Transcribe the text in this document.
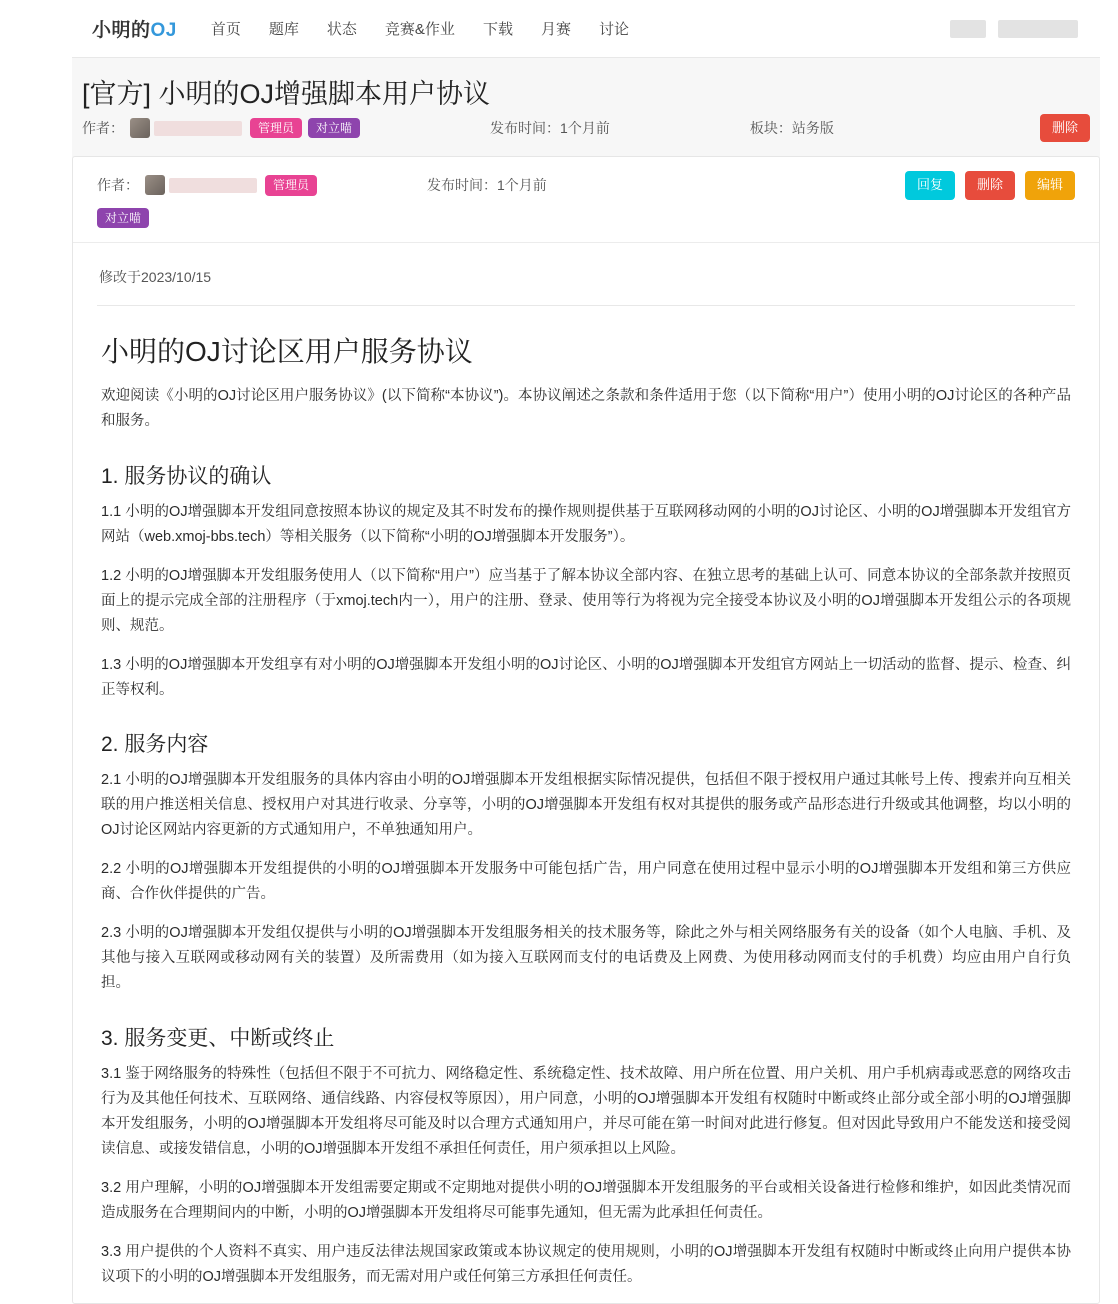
小明的OJ 首页 题库 状态 竞赛&作业 下载 月赛 讨论
[官方] 小明的OJ增强脚本用户协议
作者：	管理员	对立喵	发布时间：1个月前	板块：站务版	删除
作者：	管理员	发布时间：1个月前	回复	删除	编辑
对立喵
修改于2023/10/15
小明的OJ讨论区用户服务协议

欢迎阅读《小明的OJ讨论区用户服务协议》(以下简称“本协议”)。本协议阐述之条款和条件适用于您（以下简称“用户”）使用小明的OJ讨论区的各种产品和服务。

1. 服务协议的确认

1.1 小明的OJ增强脚本开发组同意按照本协议的规定及其不时发布的操作规则提供基于互联网移动网的小明的OJ讨论区、小明的OJ增强脚本开发组官方网站（web.xmoj-bbs.tech）等相关服务（以下简称“小明的OJ增强脚本开发服务”）。

1.2 小明的OJ增强脚本开发组服务使用人（以下简称“用户”）应当基于了解本协议全部内容、在独立思考的基础上认可、同意本协议的全部条款并按照页面上的提示完成全部的注册程序（于xmoj.tech内一），用户的注册、登录、使用等行为将视为完全接受本协议及小明的OJ增强脚本开发组公示的各项规则、规范。

1.3 小明的OJ增强脚本开发组享有对小明的OJ增强脚本开发组小明的OJ讨论区、小明的OJ增强脚本开发组官方网站上一切活动的监督、提示、检查、纠正等权利。

2. 服务内容

2.1 小明的OJ增强脚本开发组服务的具体内容由小明的OJ增强脚本开发组根据实际情况提供，包括但不限于授权用户通过其帐号上传、搜索并向互相关联的用户推送相关信息、授权用户对其进行收录、分享等，小明的OJ增强脚本开发组有权对其提供的服务或产品形态进行升级或其他调整，均以小明的OJ讨论区网站内容更新的方式通知用户，不单独通知用户。

2.2 小明的OJ增强脚本开发组提供的小明的OJ增强脚本开发服务中可能包括广告，用户同意在使用过程中显示小明的OJ增强脚本开发组和第三方供应商、合作伙伴提供的广告。

2.3 小明的OJ增强脚本开发组仅提供与小明的OJ增强脚本开发组服务相关的技术服务等，除此之外与相关网络服务有关的设备（如个人电脑、手机、及其他与接入互联网或移动网有关的装置）及所需费用（如为接入互联网而支付的电话费及上网费、为使用移动网而支付的手机费）均应由用户自行负担。

3. 服务变更、中断或终止

3.1 鉴于网络服务的特殊性（包括但不限于不可抗力、网络稳定性、系统稳定性、技术故障、用户所在位置、用户关机、用户手机病毒或恶意的网络攻击行为及其他任何技术、互联网络、通信线路、内容侵权等原因），用户同意，小明的OJ增强脚本开发组有权随时中断或终止部分或全部小明的OJ增强脚本开发组服务，小明的OJ增强脚本开发组将尽可能及时以合理方式通知用户，并尽可能在第一时间对此进行修复。但对因此导致用户不能发送和接受阅读信息、或接发错信息，小明的OJ增强脚本开发组不承担任何责任，用户须承担以上风险。

3.2 用户理解，小明的OJ增强脚本开发组需要定期或不定期地对提供小明的OJ增强脚本开发组服务的平台或相关设备进行检修和维护，如因此类情况而造成服务在合理期间内的中断，小明的OJ增强脚本开发组将尽可能事先通知，但无需为此承担任何责任。

3.3 用户提供的个人资料不真实、用户违反法律法规国家政策或本协议规定的使用规则，小明的OJ增强脚本开发组有权随时中断或终止向用户提供本协议项下的小明的OJ增强脚本开发组服务，而无需对用户或任何第三方承担任何责任。
